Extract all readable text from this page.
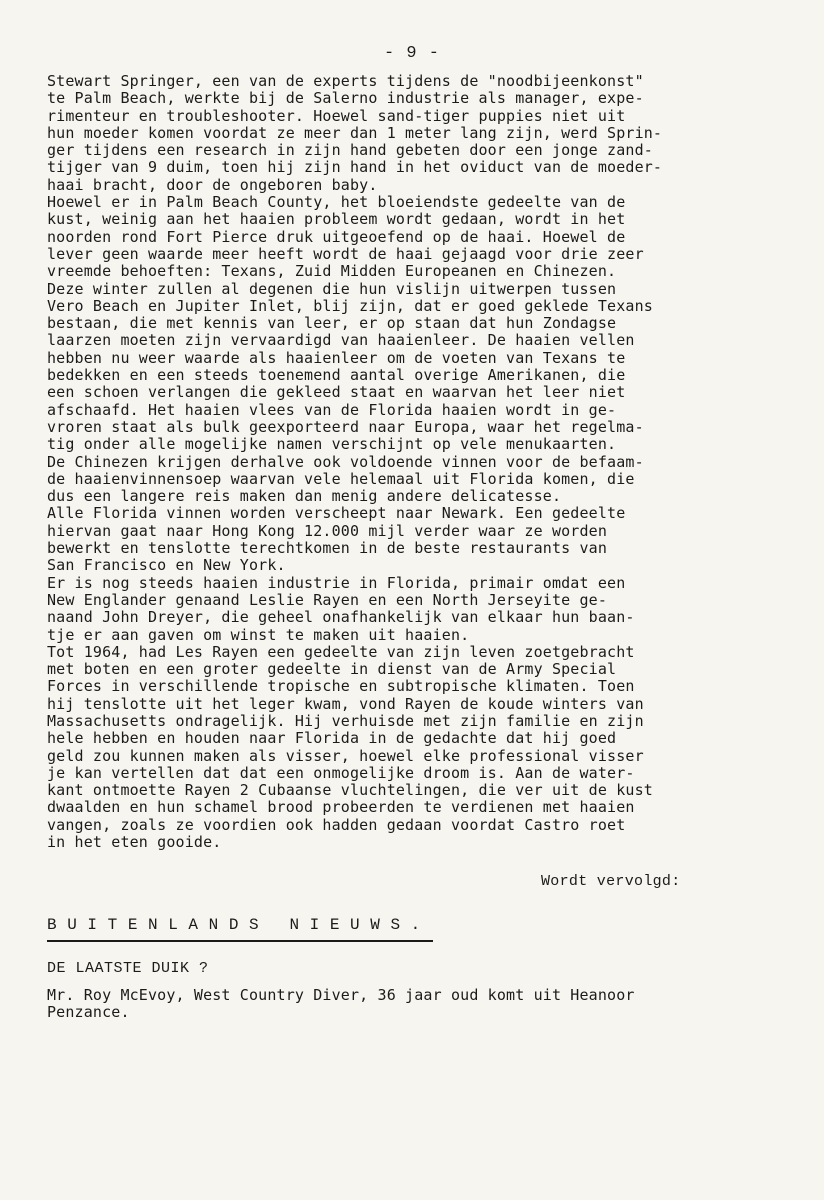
- 9 -
Stewart Springer, een van de experts tijdens de "noodbijeenkonst"
te Palm Beach, werkte bij de Salerno industrie als manager, expe-
rimenteur en troubleshooter. Hoewel sand-tiger puppies niet uit
hun moeder komen voordat ze meer dan 1 meter lang zijn, werd Sprin-
ger tijdens een research in zijn hand gebeten door een jonge zand-
tijger van 9 duim, toen hij zijn hand in het oviduct van de moeder-
haai bracht, door de ongeboren baby.
Hoewel er in Palm Beach County, het bloeiendste gedeelte van de
kust, weinig aan het haaien probleem wordt gedaan, wordt in het
noorden rond Fort Pierce druk uitgeoefend op de haai. Hoewel de
lever geen waarde meer heeft wordt de haai gejaagd voor drie zeer
vreemde behoeften: Texans, Zuid Midden Europeanen en Chinezen.
Deze winter zullen al degenen die hun vislijn uitwerpen tussen
Vero Beach en Jupiter Inlet, blij zijn, dat er goed geklede Texans
bestaan, die met kennis van leer, er op staan dat hun Zondagse
laarzen moeten zijn vervaardigd van haaienleer. De haaien vellen
hebben nu weer waarde als haaienleer om de voeten van Texans te
bedekken en een steeds toenemend aantal overige Amerikanen, die
een schoen verlangen die gekleed staat en waarvan het leer niet
afschaafd. Het haaien vlees van de Florida haaien wordt in ge-
vroren staat als bulk geexporteerd naar Europa, waar het regelma-
tig onder alle mogelijke namen verschijnt op vele menukaarten.
De Chinezen krijgen derhalve ook voldoende vinnen voor de befaam-
de haaienvinnensoep waarvan vele helemaal uit Florida komen, die
dus een langere reis maken dan menig andere delicatesse.
Alle Florida vinnen worden verscheept naar Newark. Een gedeelte
hiervan gaat naar Hong Kong 12.000 mijl verder waar ze worden
bewerkt en tenslotte terechtkomen in de beste restaurants van
San Francisco en New York.
Er is nog steeds haaien industrie in Florida, primair omdat een
New Englander genaand Leslie Rayen en een North Jerseyite ge-
naand John Dreyer, die geheel onafhankelijk van elkaar hun baan-
tje er aan gaven om winst te maken uit haaien.
Tot 1964, had Les Rayen een gedeelte van zijn leven zoetgebracht
met boten en een groter gedeelte in dienst van de Army Special
Forces in verschillende tropische en subtropische klimaten. Toen
hij tenslotte uit het leger kwam, vond Rayen de koude winters van
Massachusetts ondragelijk. Hij verhuisde met zijn familie en zijn
hele hebben en houden naar Florida in de gedachte dat hij goed
geld zou kunnen maken als visser, hoewel elke professional visser
je kan vertellen dat dat een onmogelijke droom is. Aan de water-
kant ontmoette Rayen 2 Cubaanse vluchtelingen, die ver uit de kust
dwaalden en hun schamel brood probeerden te verdienen met haaien
vangen, zoals ze voordien ook hadden gedaan voordat Castro roet
in het eten gooide.
Wordt vervolgd:
B U I T E N L A N D S   N I E U W S .
DE LAATSTE DUIK ?
Mr. Roy McEvoy, West Country Diver, 36 jaar oud komt uit Heanoor
Penzance.
